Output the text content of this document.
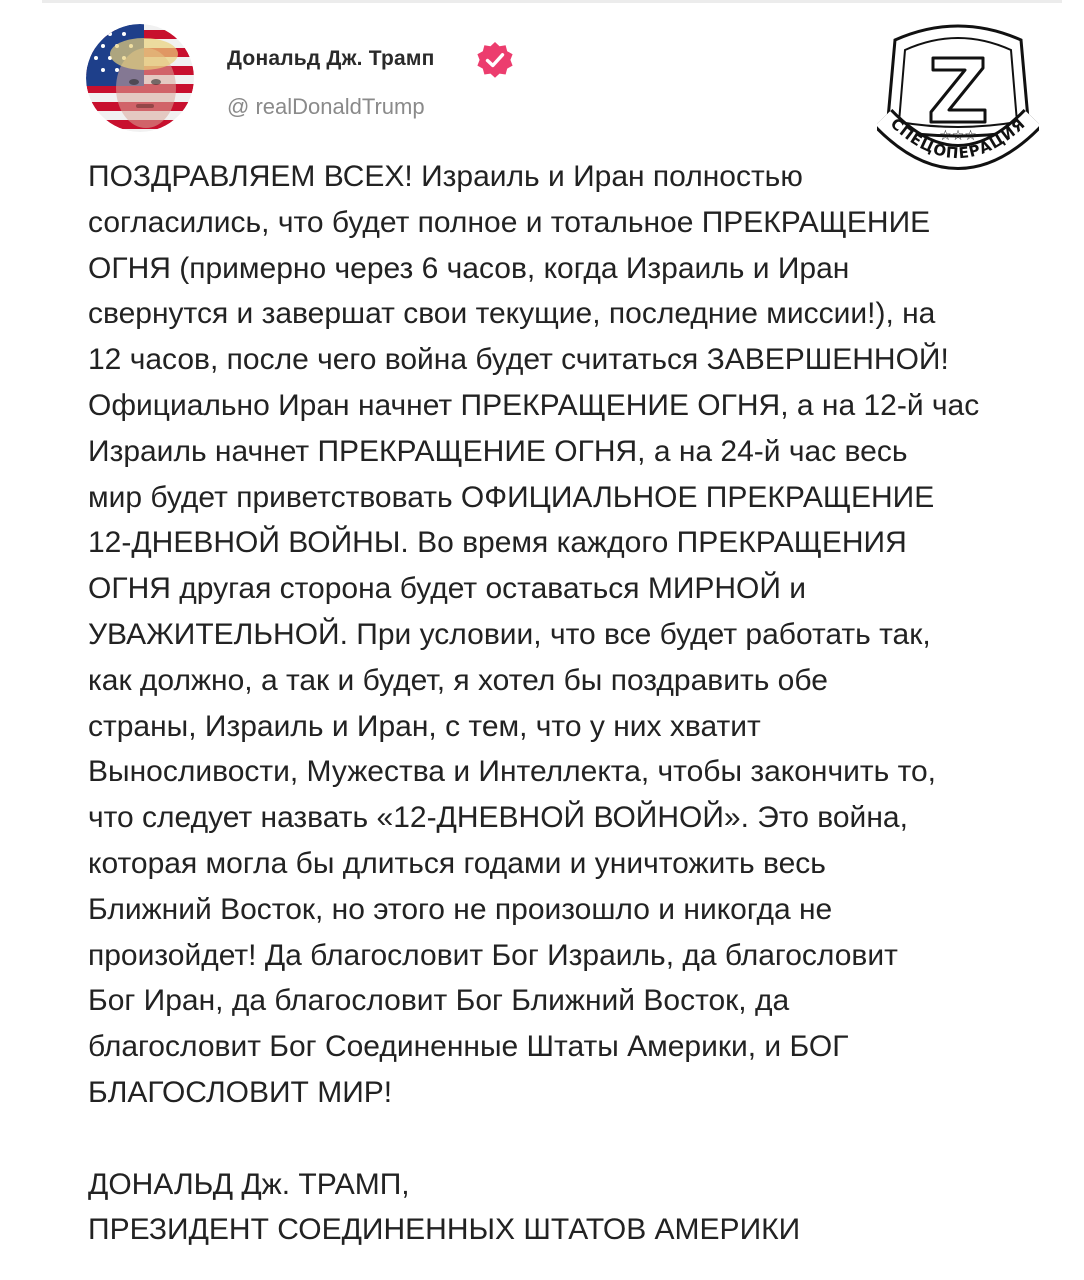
Дональд Дж. Трамп
@ realDonaldTrump
☆☆☆
СПЕЦОПЕРАЦИЯ
ПОЗДРАВЛЯЕМ ВСЕХ! Израиль и Иран полностью
согласились, что будет полное и тотальное ПРЕКРАЩЕНИЕ
ОГНЯ (примерно через 6 часов, когда Израиль и Иран
свернутся и завершат свои текущие, последние миссии!), на
12 часов, после чего война будет считаться ЗАВЕРШЕННОЙ!
Официально Иран начнет ПРЕКРАЩЕНИЕ ОГНЯ, а на 12-й час
Израиль начнет ПРЕКРАЩЕНИЕ ОГНЯ, а на 24-й час весь
мир будет приветствовать ОФИЦИАЛЬНОЕ ПРЕКРАЩЕНИЕ
12-ДНЕВНОЙ ВОЙНЫ. Во время каждого ПРЕКРАЩЕНИЯ
ОГНЯ другая сторона будет оставаться МИРНОЙ и
УВАЖИТЕЛЬНОЙ. При условии, что все будет работать так,
как должно, а так и будет, я хотел бы поздравить обе
страны, Израиль и Иран, с тем, что у них хватит
Выносливости, Мужества и Интеллекта, чтобы закончить то,
что следует назвать «12-ДНЕВНОЙ ВОЙНОЙ». Это война,
которая могла бы длиться годами и уничтожить весь
Ближний Восток, но этого не произошло и никогда не
произойдет! Да благословит Бог Израиль, да благословит
Бог Иран, да благословит Бог Ближний Восток, да
благословит Бог Соединенные Штаты Америки, и БОГ
БЛАГОСЛОВИТ МИР!

ДОНАЛЬД Дж. ТРАМП,
ПРЕЗИДЕНТ СОЕДИНЕННЫХ ШТАТОВ АМЕРИКИ
